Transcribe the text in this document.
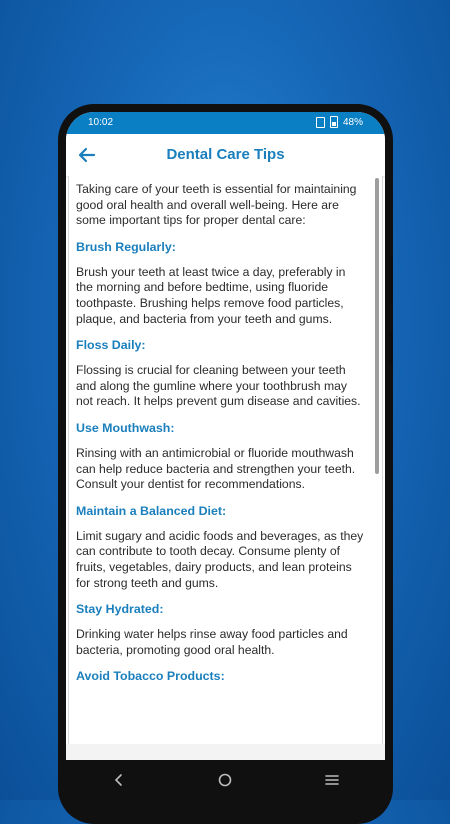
10:02	48%
Dental Care Tips

Taking care of your teeth is essential for maintaining good oral health and overall well-being. Here are some important tips for proper dental care:

Brush Regularly:

Brush your teeth at least twice a day, preferably in the morning and before bedtime, using fluoride toothpaste. Brushing helps remove food particles, plaque, and bacteria from your teeth and gums.

Floss Daily:

Flossing is crucial for cleaning between your teeth and along the gumline where your toothbrush may not reach. It helps prevent gum disease and cavities.

Use Mouthwash:

Rinsing with an antimicrobial or fluoride mouthwash can help reduce bacteria and strengthen your teeth. Consult your dentist for recommendations.

Maintain a Balanced Diet:

Limit sugary and acidic foods and beverages, as they can contribute to tooth decay. Consume plenty of fruits, vegetables, dairy products, and lean proteins for strong teeth and gums.

Stay Hydrated:

Drinking water helps rinse away food particles and bacteria, promoting good oral health.

Avoid Tobacco Products:
